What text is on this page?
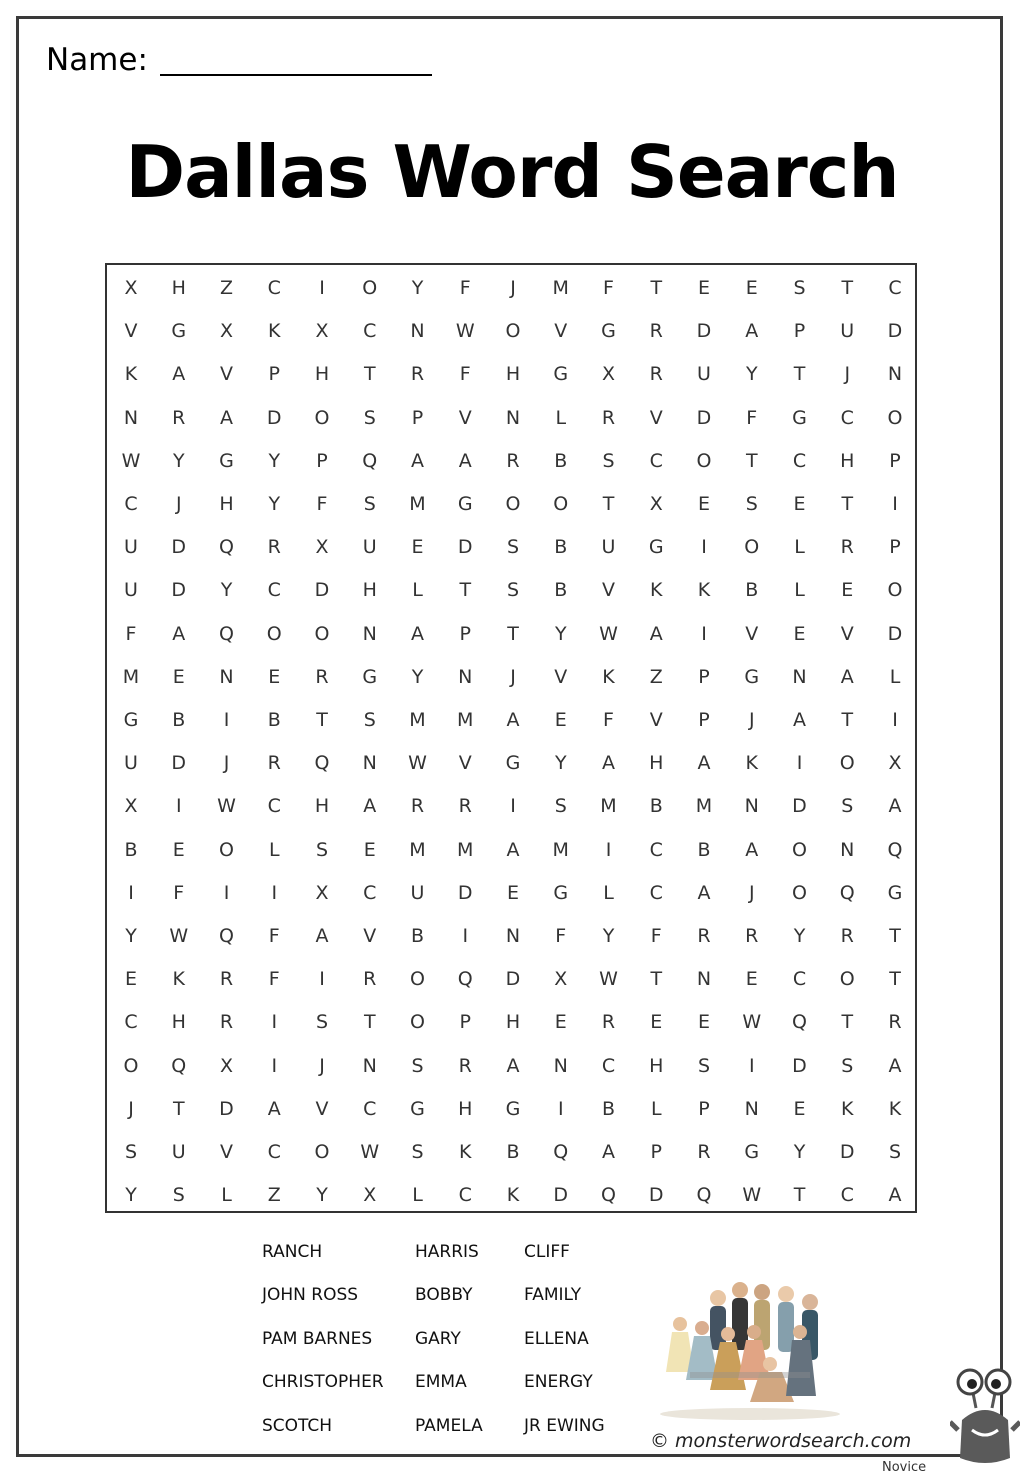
Name:
Dallas Word Search
X	H	Z	C	I	O	Y	F	J	M	F	T	E	E	S	T	C
V	G	X	K	X	C	N	W	O	V	G	R	D	A	P	U	D
K	A	V	P	H	T	R	F	H	G	X	R	U	Y	T	J	N
N	R	A	D	O	S	P	V	N	L	R	V	D	F	G	C	O
W	Y	G	Y	P	Q	A	A	R	B	S	C	O	T	C	H	P
C	J	H	Y	F	S	M	G	O	O	T	X	E	S	E	T	I
U	D	Q	R	X	U	E	D	S	B	U	G	I	O	L	R	P
U	D	Y	C	D	H	L	T	S	B	V	K	K	B	L	E	O
F	A	Q	O	O	N	A	P	T	Y	W	A	I	V	E	V	D
M	E	N	E	R	G	Y	N	J	V	K	Z	P	G	N	A	L
G	B	I	B	T	S	M	M	A	E	F	V	P	J	A	T	I
U	D	J	R	Q	N	W	V	G	Y	A	H	A	K	I	O	X
X	I	W	C	H	A	R	R	I	S	M	B	M	N	D	S	A
B	E	O	L	S	E	M	M	A	M	I	C	B	A	O	N	Q
I	F	I	I	X	C	U	D	E	G	L	C	A	J	O	Q	G
Y	W	Q	F	A	V	B	I	N	F	Y	F	R	R	Y	R	T
E	K	R	F	I	R	O	Q	D	X	W	T	N	E	C	O	T
C	H	R	I	S	T	O	P	H	E	R	E	E	W	Q	T	R
O	Q	X	I	J	N	S	R	A	N	C	H	S	I	D	S	A
J	T	D	A	V	C	G	H	G	I	B	L	P	N	E	K	K
S	U	V	C	O	W	S	K	B	Q	A	P	R	G	Y	D	S
Y	S	L	Z	Y	X	L	C	K	D	Q	D	Q	W	T	C	A
RANCH
JOHN ROSS
PAM BARNES
CHRISTOPHER
SCOTCH
HARRIS
BOBBY
GARY
EMMA
PAMELA
CLIFF
FAMILY
ELLENA
ENERGY
JR EWING
© monsterwordsearch.com
Novice
